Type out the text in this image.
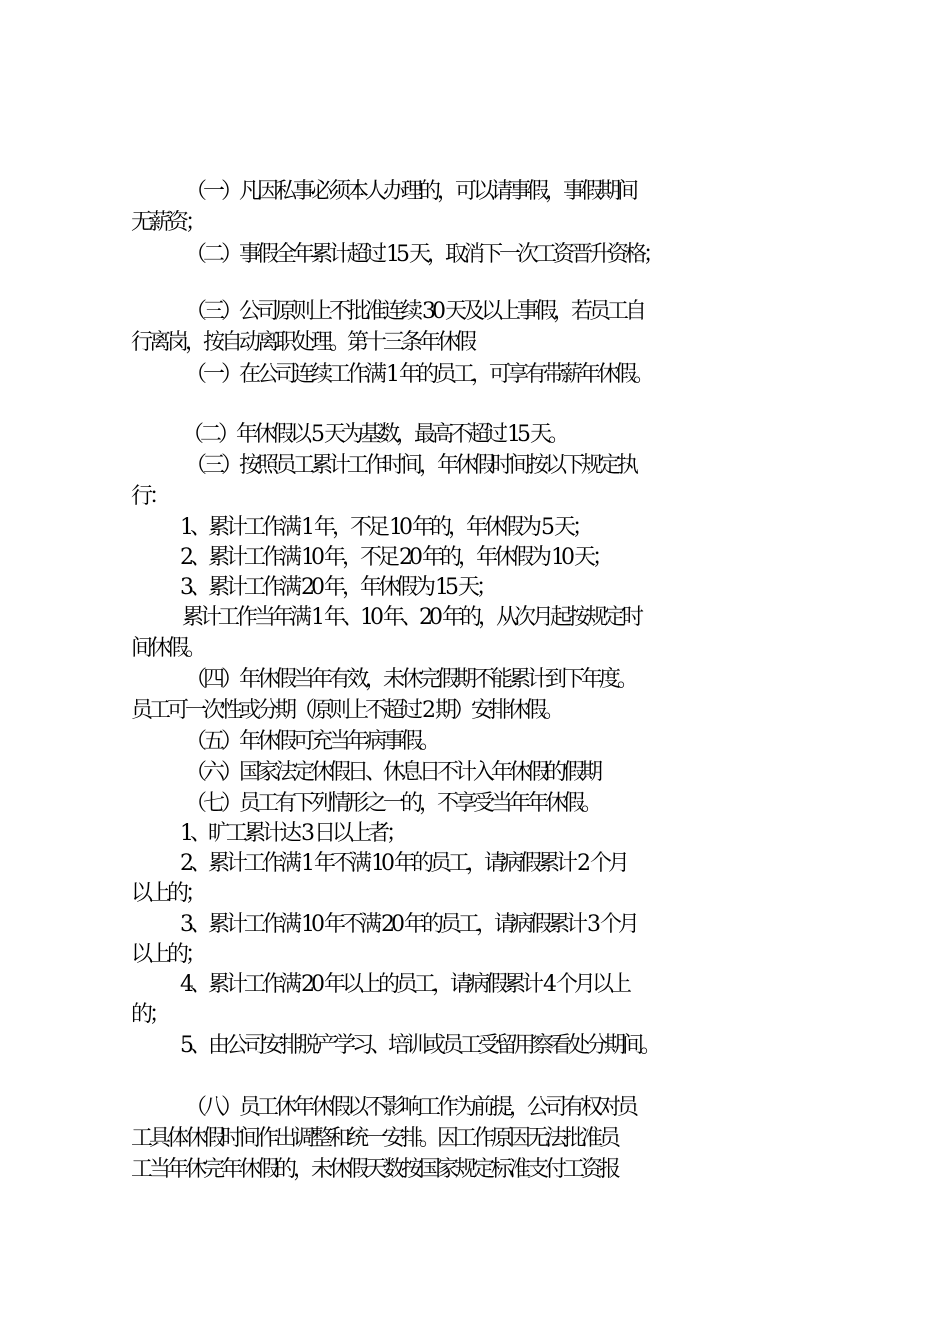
（一）凡因私事必须本人办理的，可以请事假，事假期间
无薪资；
（二）事假全年累计超过 15 天，取消下一次工资晋升资格；
（三）公司原则上不批准连续 30 天及以上事假，若员工自
行离岗，按自动离职处理。第十三条年休假
（一）在公司连续工作满 1 年的员工，可享有带薪年休假。
（二）年休假以 5 天为基数，最高不超过 15 天。
（三）按照员工累计工作时间，年休假时间按以下规定执
行：
1、累计工作满 1 年，不足 10 年的，年休假为 5 天；
2、累计工作满 10 年，不足 20 年的，年休假为 10 天；
3、累计工作满 20 年，年休假为 15 天；
累计工作当年满 1 年、10 年、20 年的，从次月起按规定时
间休假。
（四）年休假当年有效，未休完假期不能累计到下年度。
员工可一次性或分期（原则上不超过 2 期）安排休假。
（五）年休假可充当年病事假。
（六）国家法定休假日、休息日不计入年休假的假期
（七）员工有下列情形之一的，不享受当年年休假。
1、旷工累计达 3 日以上者；
2、累计工作满 1 年不满 10 年的员工，请病假累计 2 个月
以上的；
3、累计工作满 10 年不满 20 年的员工，请病假累计 3 个月
以上的；
4、累计工作满 20 年以上的员工，请病假累计 4 个月以上
的；
5、由公司安排脱产学习、培训或员工受留用察看处分期间。
（八）员工休年休假以不影响工作为前提，公司有权对员
工具体休假时间作出调整和统一安排。因工作原因无法批准员
工当年休完年休假的，未休假天数按国家规定标准支付工资报
